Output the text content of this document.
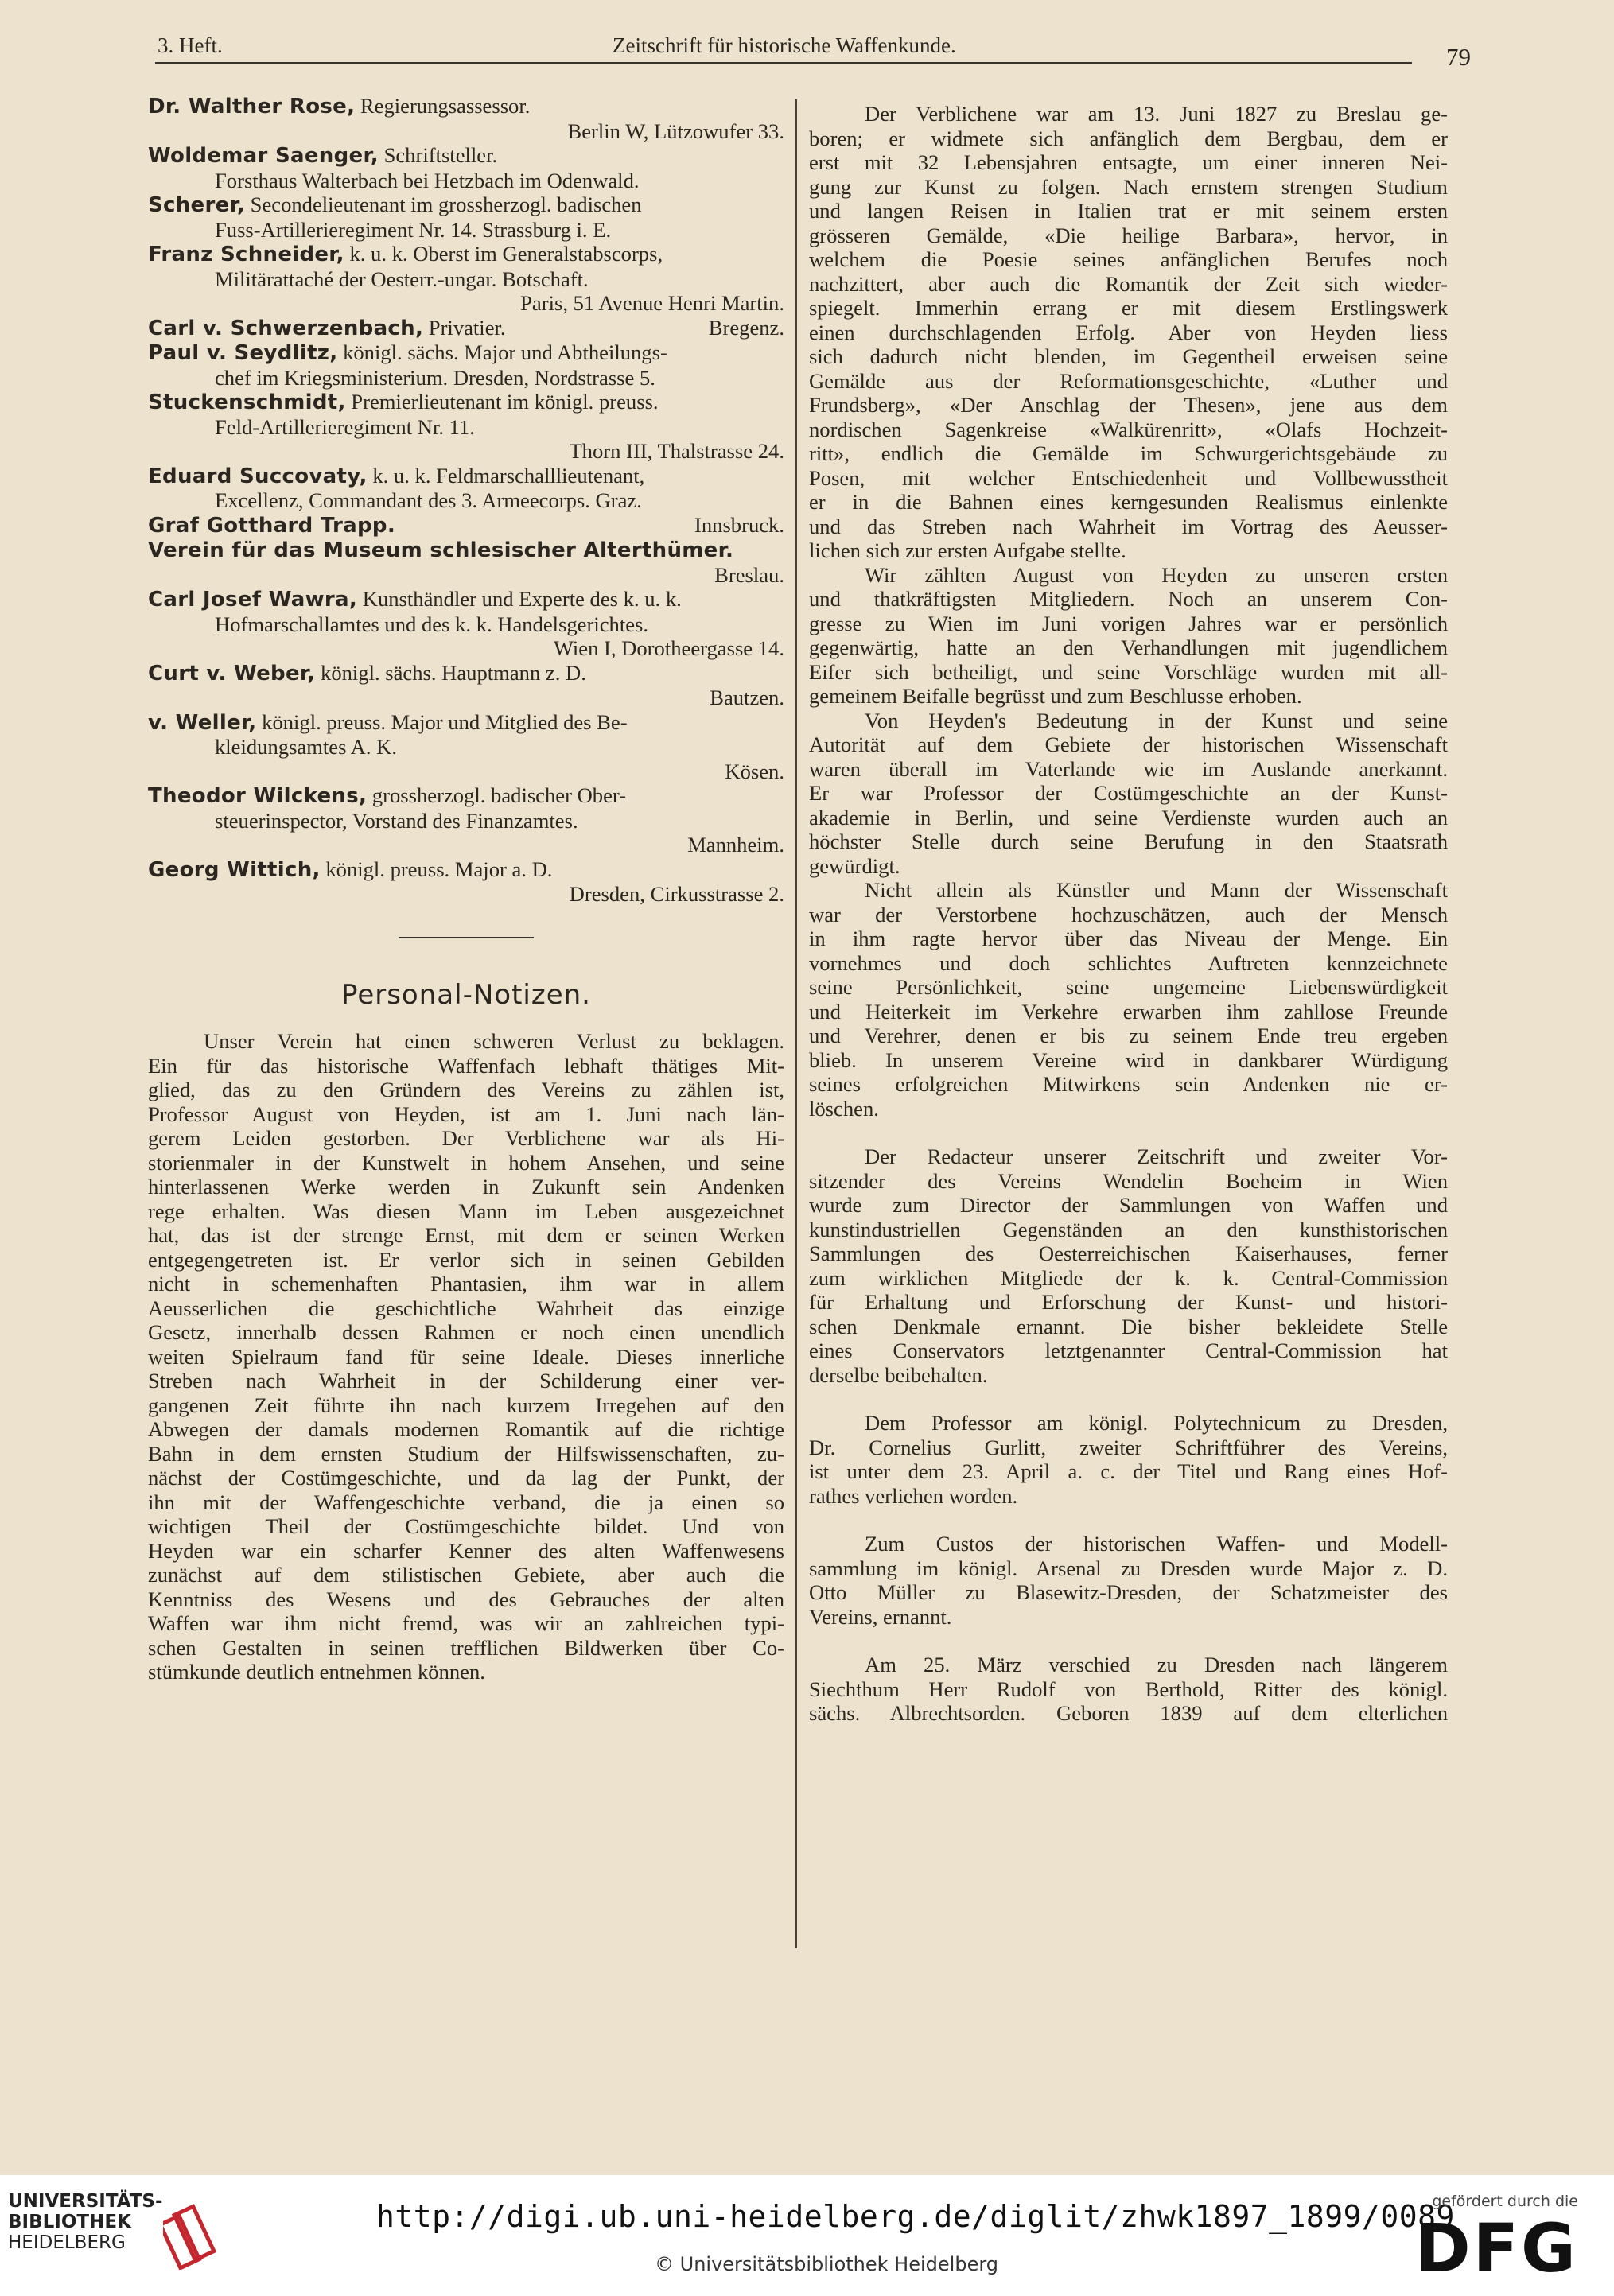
3. Heft.	Zeitschrift für historische Waffenkunde.	79
Dr. Walther Rose, Regierungsassessor.
Berlin W, Lützowufer 33.
Woldemar Saenger, Schriftsteller.
Forsthaus Walterbach bei Hetzbach im Odenwald.
Scherer, Secondelieutenant im grossherzogl. badischen
Fuss-Artillerieregiment Nr. 14. Strassburg i. E.
Franz Schneider, k. u. k. Oberst im Generalstabscorps,
Militärattaché der Oesterr.-ungar. Botschaft.
Paris, 51 Avenue Henri Martin.
Carl v. Schwerzenbach, Privatier.	Bregenz.
Paul v. Seydlitz, königl. sächs. Major und Abtheilungs-
chef im Kriegsministerium. Dresden, Nordstrasse 5.
Stuckenschmidt, Premierlieutenant im königl. preuss.
Feld-Artillerieregiment Nr. 11.
Thorn III, Thalstrasse 24.
Eduard Succovaty, k. u. k. Feldmarschalllieutenant,
Excellenz, Commandant des 3. Armeecorps. Graz.
Graf Gotthard Trapp.	Innsbruck.
Verein für das Museum schlesischer Alterthümer.
Breslau.
Carl Josef Wawra, Kunsthändler und Experte des k. u. k.
Hofmarschallamtes und des k. k. Handelsgerichtes.
Wien I, Dorotheergasse 14.
Curt v. Weber, königl. sächs. Hauptmann z. D.
Bautzen.
v. Weller, königl. preuss. Major und Mitglied des Be-
kleidungsamtes A. K.
Kösen.
Theodor Wilckens, grossherzogl. badischer Ober-
steuerinspector, Vorstand des Finanzamtes.
Mannheim.
Georg Wittich, königl. preuss. Major a. D.
Dresden, Cirkusstrasse 2.
Personal-Notizen.
Unser Verein hat einen schweren Verlust zu beklagen.
Ein für das historische Waffenfach lebhaft thätiges Mit-
glied, das zu den Gründern des Vereins zu zählen ist,
Professor August von Heyden, ist am 1. Juni nach län-
gerem Leiden gestorben. Der Verblichene war als Hi-
storienmaler in der Kunstwelt in hohem Ansehen, und seine
hinterlassenen Werke werden in Zukunft sein Andenken
rege erhalten. Was diesen Mann im Leben ausgezeichnet
hat, das ist der strenge Ernst, mit dem er seinen Werken
entgegengetreten ist. Er verlor sich in seinen Gebilden
nicht in schemenhaften Phantasien, ihm war in allem
Aeusserlichen die geschichtliche Wahrheit das einzige
Gesetz, innerhalb dessen Rahmen er noch einen unendlich
weiten Spielraum fand für seine Ideale. Dieses innerliche
Streben nach Wahrheit in der Schilderung einer ver-
gangenen Zeit führte ihn nach kurzem Irregehen auf den
Abwegen der damals modernen Romantik auf die richtige
Bahn in dem ernsten Studium der Hilfswissenschaften, zu-
nächst der Costümgeschichte, und da lag der Punkt, der
ihn mit der Waffengeschichte verband, die ja einen so
wichtigen Theil der Costümgeschichte bildet. Und von
Heyden war ein scharfer Kenner des alten Waffenwesens
zunächst auf dem stilistischen Gebiete, aber auch die
Kenntniss des Wesens und des Gebrauches der alten
Waffen war ihm nicht fremd, was wir an zahlreichen typi-
schen Gestalten in seinen trefflichen Bildwerken über Co-
stümkunde deutlich entnehmen können.
Der Verblichene war am 13. Juni 1827 zu Breslau ge-
boren; er widmete sich anfänglich dem Bergbau, dem er
erst mit 32 Lebensjahren entsagte, um einer inneren Nei-
gung zur Kunst zu folgen. Nach ernstem strengen Studium
und langen Reisen in Italien trat er mit seinem ersten
grösseren Gemälde, «Die heilige Barbara», hervor, in
welchem die Poesie seines anfänglichen Berufes noch
nachzittert, aber auch die Romantik der Zeit sich wieder-
spiegelt. Immerhin errang er mit diesem Erstlingswerk
einen durchschlagenden Erfolg. Aber von Heyden liess
sich dadurch nicht blenden, im Gegentheil erweisen seine
Gemälde aus der Reformationsgeschichte, «Luther und
Frundsberg», «Der Anschlag der Thesen», jene aus dem
nordischen Sagenkreise «Walkürenritt», «Olafs Hochzeit-
ritt», endlich die Gemälde im Schwurgerichtsgebäude zu
Posen, mit welcher Entschiedenheit und Vollbewusstheit
er in die Bahnen eines kerngesunden Realismus einlenkte
und das Streben nach Wahrheit im Vortrag des Aeusser-
lichen sich zur ersten Aufgabe stellte.
Wir zählten August von Heyden zu unseren ersten
und thatkräftigsten Mitgliedern. Noch an unserem Con-
gresse zu Wien im Juni vorigen Jahres war er persönlich
gegenwärtig, hatte an den Verhandlungen mit jugendlichem
Eifer sich betheiligt, und seine Vorschläge wurden mit all-
gemeinem Beifalle begrüsst und zum Beschlusse erhoben.
Von Heyden's Bedeutung in der Kunst und seine
Autorität auf dem Gebiete der historischen Wissenschaft
waren überall im Vaterlande wie im Auslande anerkannt.
Er war Professor der Costümgeschichte an der Kunst-
akademie in Berlin, und seine Verdienste wurden auch an
höchster Stelle durch seine Berufung in den Staatsrath
gewürdigt.
Nicht allein als Künstler und Mann der Wissenschaft
war der Verstorbene hochzuschätzen, auch der Mensch
in ihm ragte hervor über das Niveau der Menge. Ein
vornehmes und doch schlichtes Auftreten kennzeichnete
seine Persönlichkeit, seine ungemeine Liebenswürdigkeit
und Heiterkeit im Verkehre erwarben ihm zahllose Freunde
und Verehrer, denen er bis zu seinem Ende treu ergeben
blieb. In unserem Vereine wird in dankbarer Würdigung
seines erfolgreichen Mitwirkens sein Andenken nie er-
löschen.
Der Redacteur unserer Zeitschrift und zweiter Vor-
sitzender des Vereins Wendelin Boeheim in Wien
wurde zum Director der Sammlungen von Waffen und
kunstindustriellen Gegenständen an den kunsthistorischen
Sammlungen des Oesterreichischen Kaiserhauses, ferner
zum wirklichen Mitgliede der k. k. Central-Commission
für Erhaltung und Erforschung der Kunst- und histori-
schen Denkmale ernannt. Die bisher bekleidete Stelle
eines Conservators letztgenannter Central-Commission hat
derselbe beibehalten.
Dem Professor am königl. Polytechnicum zu Dresden,
Dr. Cornelius Gurlitt, zweiter Schriftführer des Vereins,
ist unter dem 23. April a. c. der Titel und Rang eines Hof-
rathes verliehen worden.
Zum Custos der historischen Waffen- und Modell-
sammlung im königl. Arsenal zu Dresden wurde Major z. D.
Otto Müller zu Blasewitz-Dresden, der Schatzmeister des
Vereins, ernannt.
Am 25. März verschied zu Dresden nach längerem
Siechthum Herr Rudolf von Berthold, Ritter des königl.
sächs. Albrechtsorden. Geboren 1839 auf dem elterlichen
UNIVERSITÄTS-
BIBLIOTHEK
HEIDELBERG
http://digi.ub.uni-heidelberg.de/diglit/zhwk1897_1899/0089
© Universitätsbibliothek Heidelberg
gefördert durch die
DFG
